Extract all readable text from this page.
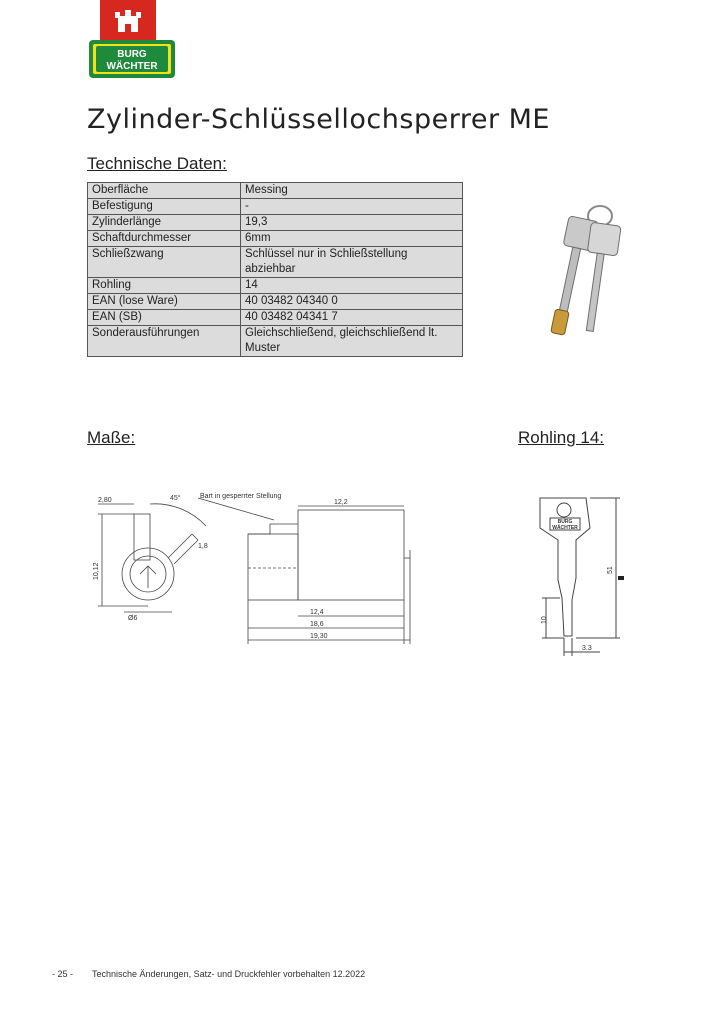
BURG
WÄCHTER
Zylinder-Schlüssellochsperrer ME
Technische Daten:
Oberfläche	Messing
Befestigung	-
Zylinderlänge	19,3
Schaftdurchmesser	6mm
Schließzwang	Schlüssel nur in Schließstellung abziehbar
Rohling	14
EAN (lose Ware)	40 03482 04340 0
EAN (SB)	40 03482 04341 7
Sonderausführungen	Gleichschließend, gleichschließend lt. Muster
Maße:	Rohling 14:
2,80	45°
1,8
10,12
Ø6
Bart in gesperrter Stellung
12,2
12,4
18,6
19,30
BURG
WÄCHTER
51
10
3.3
- 25 - Technische Änderungen, Satz- und Druckfehler vorbehalten 12.2022
